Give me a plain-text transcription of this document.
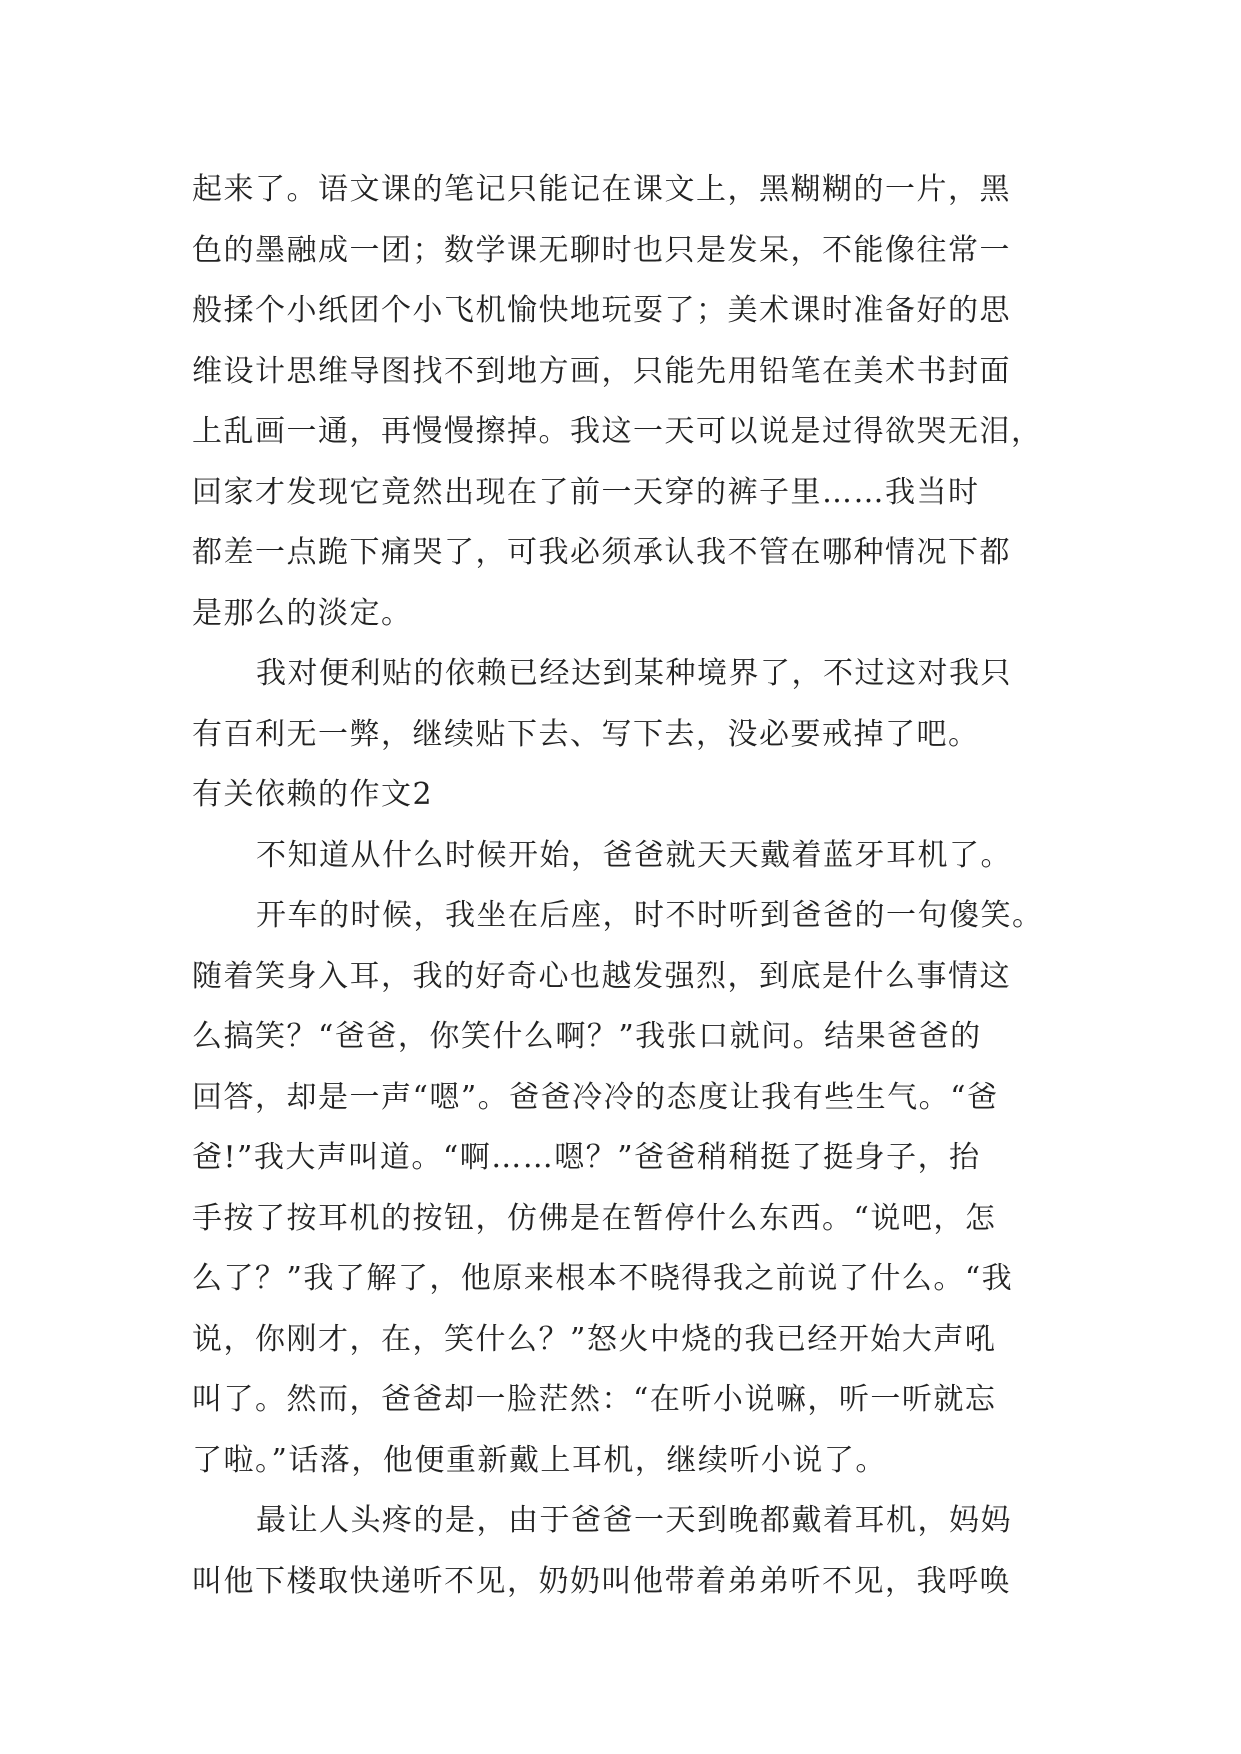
起来了。语文课的笔记只能记在课文上，黑糊糊的一片，黑
色的墨融成一团；数学课无聊时也只是发呆，不能像往常一
般揉个小纸团个小飞机愉快地玩耍了；美术课时准备好的思
维设计思维导图找不到地方画，只能先用铅笔在美术书封面
上乱画一通，再慢慢擦掉。我这一天可以说是过得欲哭无泪，
回家才发现它竟然出现在了前一天穿的裤子里……我当时
都差一点跪下痛哭了，可我必须承认我不管在哪种情况下都
是那么的淡定。
我对便利贴的依赖已经达到某种境界了，不过这对我只
有百利无一弊，继续贴下去、写下去，没必要戒掉了吧。
有关依赖的作文2
不知道从什么时候开始，爸爸就天天戴着蓝牙耳机了。
开车的时候，我坐在后座，时不时听到爸爸的一句傻笑。
随着笑身入耳，我的好奇心也越发强烈，到底是什么事情这
么搞笑？“爸爸，你笑什么啊？”我张口就问。结果爸爸的
回答，却是一声“嗯”。爸爸冷冷的态度让我有些生气。“爸
爸!”我大声叫道。“啊……嗯？”爸爸稍稍挺了挺身子，抬
手按了按耳机的按钮，仿佛是在暂停什么东西。“说吧，怎
么了？”我了解了，他原来根本不晓得我之前说了什么。“我
说，你刚才，在，笑什么？”怒火中烧的我已经开始大声吼
叫了。然而，爸爸却一脸茫然：“在听小说嘛，听一听就忘
了啦。”话落，他便重新戴上耳机，继续听小说了。
最让人头疼的是，由于爸爸一天到晚都戴着耳机，妈妈
叫他下楼取快递听不见，奶奶叫他带着弟弟听不见，我呼唤
